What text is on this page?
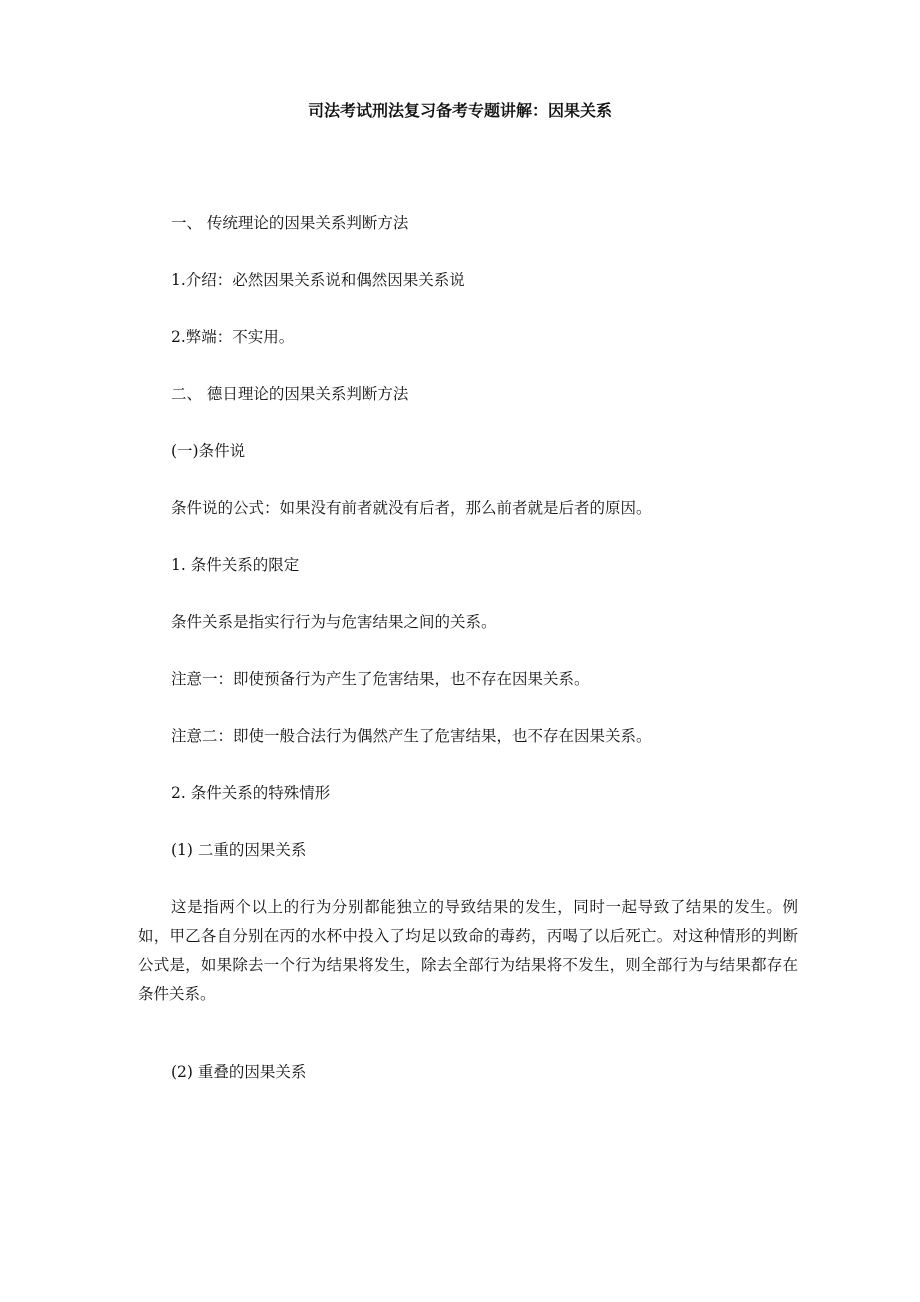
司法考试刑法复习备考专题讲解：因果关系
一、 传统理论的因果关系判断方法
1.介绍：必然因果关系说和偶然因果关系说
2.弊端：不实用。
二、 德日理论的因果关系判断方法
(一)条件说
条件说的公式：如果没有前者就没有后者，那么前者就是后者的原因。
1. 条件关系的限定
条件关系是指实行行为与危害结果之间的关系。
注意一：即使预备行为产生了危害结果，也不存在因果关系。
注意二：即使一般合法行为偶然产生了危害结果，也不存在因果关系。
2. 条件关系的特殊情形
(1) 二重的因果关系
这是指两个以上的行为分别都能独立的导致结果的发生，同时一起导致了结果的发生。例如，甲乙各自分别在丙的水杯中投入了均足以致命的毒药，丙喝了以后死亡。对这种情形的判断公式是，如果除去一个行为结果将发生，除去全部行为结果将不发生，则全部行为与结果都存在条件关系。
(2) 重叠的因果关系
